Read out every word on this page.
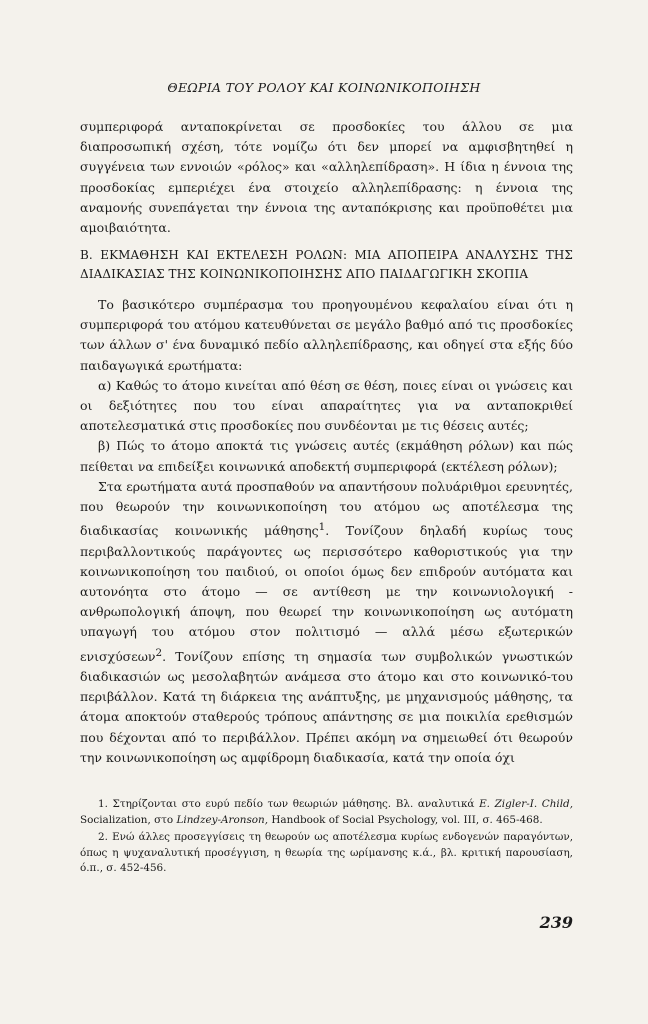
ΘΕΩΡΙΑ ΤΟΥ ΡΟΛΟΥ ΚΑΙ ΚΟΙΝΩΝΙΚΟΠΟΙΗΣΗ

συμπεριφορά ανταποκρίνεται σε προσδοκίες του άλλου σε μια διαπροσωπική σχέση, τότε νομίζω ότι δεν μπορεί να αμφισβητηθεί η συγγένεια των εννοιών «ρόλος» και «αλληλεπίδραση». Η ίδια η έννοια της προσδοκίας εμπεριέχει ένα στοιχείο αλληλεπίδρασης: η έννοια της αναμονής συνεπάγεται την έννοια της ανταπόκρισης και προϋποθέτει μια αμοιβαιότητα.

Β. ΕΚΜΑΘΗΣΗ ΚΑΙ ΕΚΤΕΛΕΣΗ ΡΟΛΩΝ: ΜΙΑ ΑΠΟΠΕΙΡΑ ΑΝΑΛΥΣΗΣ ΤΗΣ ΔΙΑΔΙΚΑΣΙΑΣ ΤΗΣ ΚΟΙΝΩΝΙΚΟΠΟΙΗΣΗΣ ΑΠΟ ΠΑΙΔΑΓΩΓΙΚΗ ΣΚΟΠΙΑ

Το βασικότερο συμπέρασμα του προηγουμένου κεφαλαίου είναι ότι η συμπεριφορά του ατόμου κατευθύνεται σε μεγάλο βαθμό από τις προσδοκίες των άλλων σ' ένα δυναμικό πεδίο αλληλεπίδρασης, και οδηγεί στα εξής δύο παιδαγωγικά ερωτήματα:

α) Καθώς το άτομο κινείται από θέση σε θέση, ποιες είναι οι γνώσεις και οι δεξιότητες που του είναι απαραίτητες για να ανταποκριθεί αποτελεσματικά στις προσδοκίες που συνδέονται με τις θέσεις αυτές;

β) Πώς το άτομο αποκτά τις γνώσεις αυτές (εκμάθηση ρόλων) και πώς πείθεται να επιδείξει κοινωνικά αποδεκτή συμπεριφορά (εκτέλεση ρόλων);

Στα ερωτήματα αυτά προσπαθούν να απαντήσουν πολυάριθμοι ερευνητές, που θεωρούν την κοινωνικοποίηση του ατόμου ως αποτέλεσμα της διαδικασίας κοινωνικής μάθησης$^1$. Τονίζουν δηλαδή κυρίως τους περιβαλλοντικούς παράγοντες ως περισσότερο καθοριστικούς για την κοινωνικοποίηση του παιδιού, οι οποίοι όμως δεν επιδρούν αυτόματα και αυτονόητα στο άτομο — σε αντίθεση με την κοινωνιολογική - ανθρωπολογική άποψη, που θεωρεί την κοινωνικοποίηση ως αυτόματη υπαγωγή του ατόμου στον πολιτισμό — αλλά μέσω εξωτερικών ενισχύσεων$^2$. Τονίζουν επίσης τη σημασία των συμβολικών γνωστικών διαδικασιών ως μεσολαβητών ανάμεσα στο άτομο και στο κοινωνικό-του περιβάλλον. Κατά τη διάρκεια της ανάπτυξης, με μηχανισμούς μάθησης, τα άτομα αποκτούν σταθερούς τρόπους απάντησης σε μια ποικιλία ερεθισμών που δέχονται από το περιβάλλον. Πρέπει ακόμη να σημειωθεί ότι θεωρούν την κοινωνικοποίηση ως αμφίδρομη διαδικασία, κατά την οποία όχι

1. Στηρίζονται στο ευρύ πεδίο των θεωριών μάθησης. Βλ. αναλυτικά E. Zigler-I. Child, Socialization, στο Lindzey-Aronson, Handbook of Social Psychology, vol. III, σ. 465-468.

2. Ενώ άλλες προσεγγίσεις τη θεωρούν ως αποτέλεσμα κυρίως ενδογενών παραγόντων, όπως η ψυχαναλυτική προσέγγιση, η θεωρία της ωρίμανσης κ.ά., βλ. κριτική παρουσίαση, ό.π., σ. 452-456.

239
